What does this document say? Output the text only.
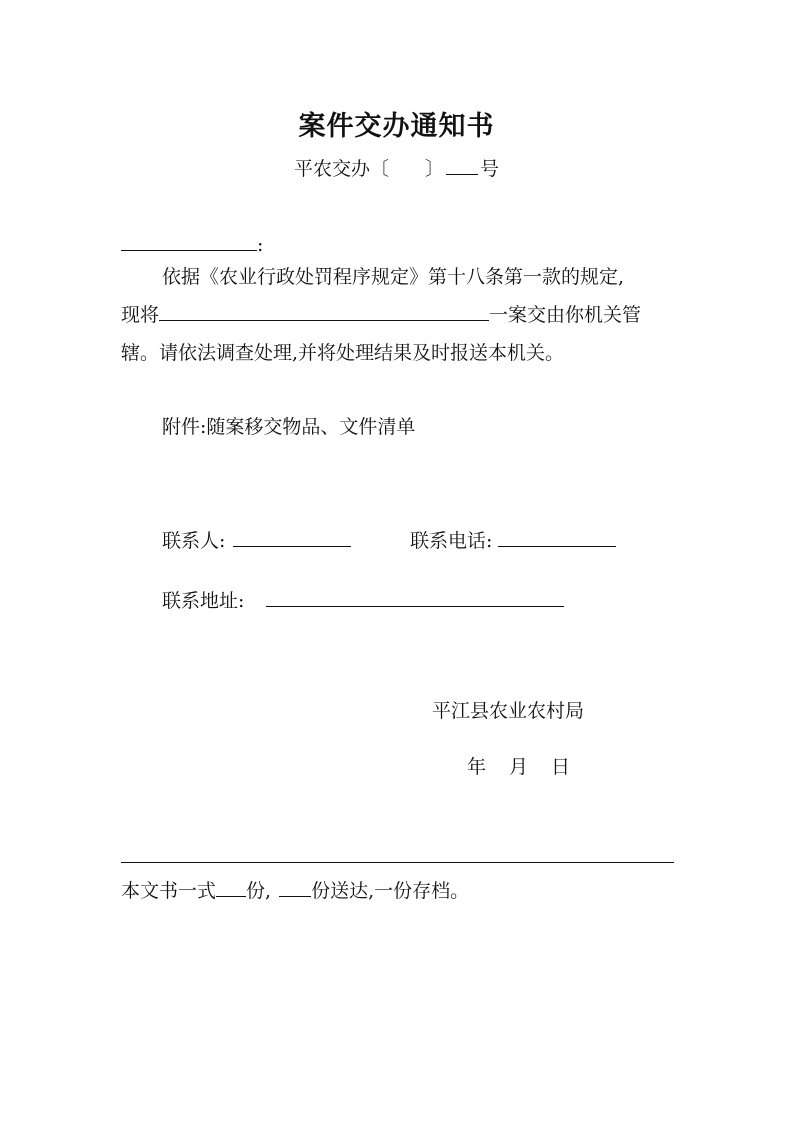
案件交办通知书
平农交办〔 〕 号
:
依据《农业行政处罚程序规定》第十八条第一款的规定,
现将	一案交由你机关管
辖。请依法调查处理,并将处理结果及时报送本机关。
附件:随案移交物品、文件清单
联系人:	联系电话:
联系地址:
平江县农业农村局
年 月 日
本文书一式 份, 份送达,一份存档。
